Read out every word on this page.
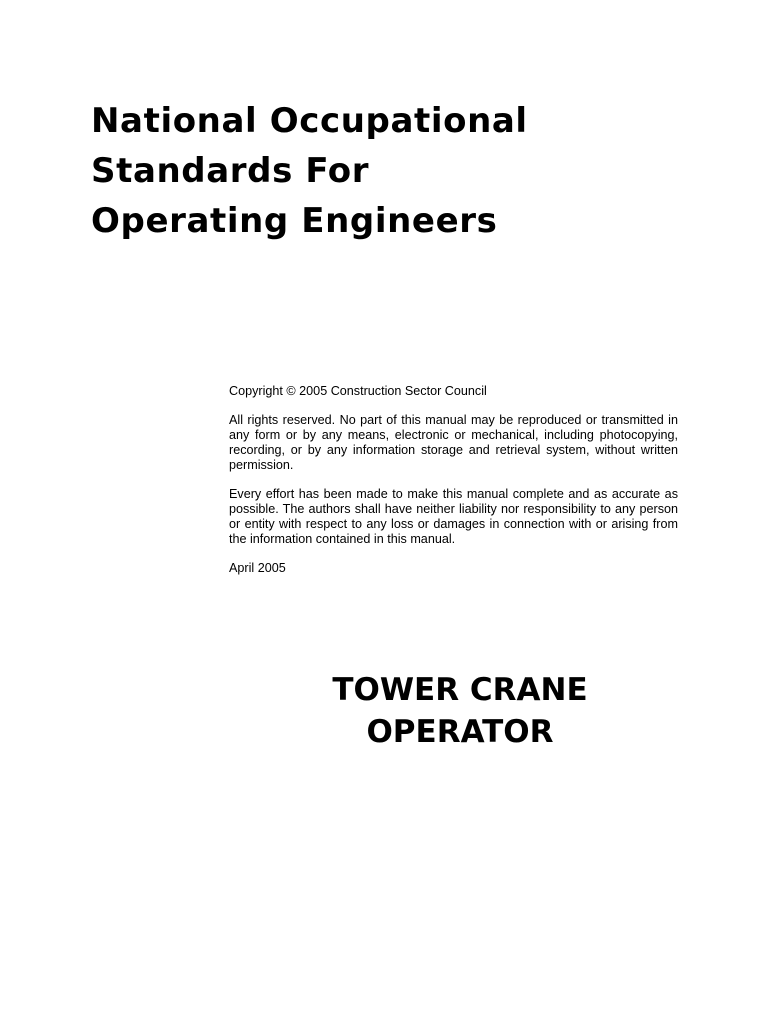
National Occupational
Standards For
Operating Engineers

Copyright © 2005 Construction Sector Council

All rights reserved. No part of this manual may be reproduced or transmitted in any form or by any means, electronic or mechanical, including photocopying, recording, or by any information storage and retrieval system, without written permission.

Every effort has been made to make this manual complete and as accurate as possible. The authors shall have neither liability nor responsibility to any person or entity with respect to any loss or damages in connection with or arising from the information contained in this manual.

April 2005

TOWER CRANE
OPERATOR
